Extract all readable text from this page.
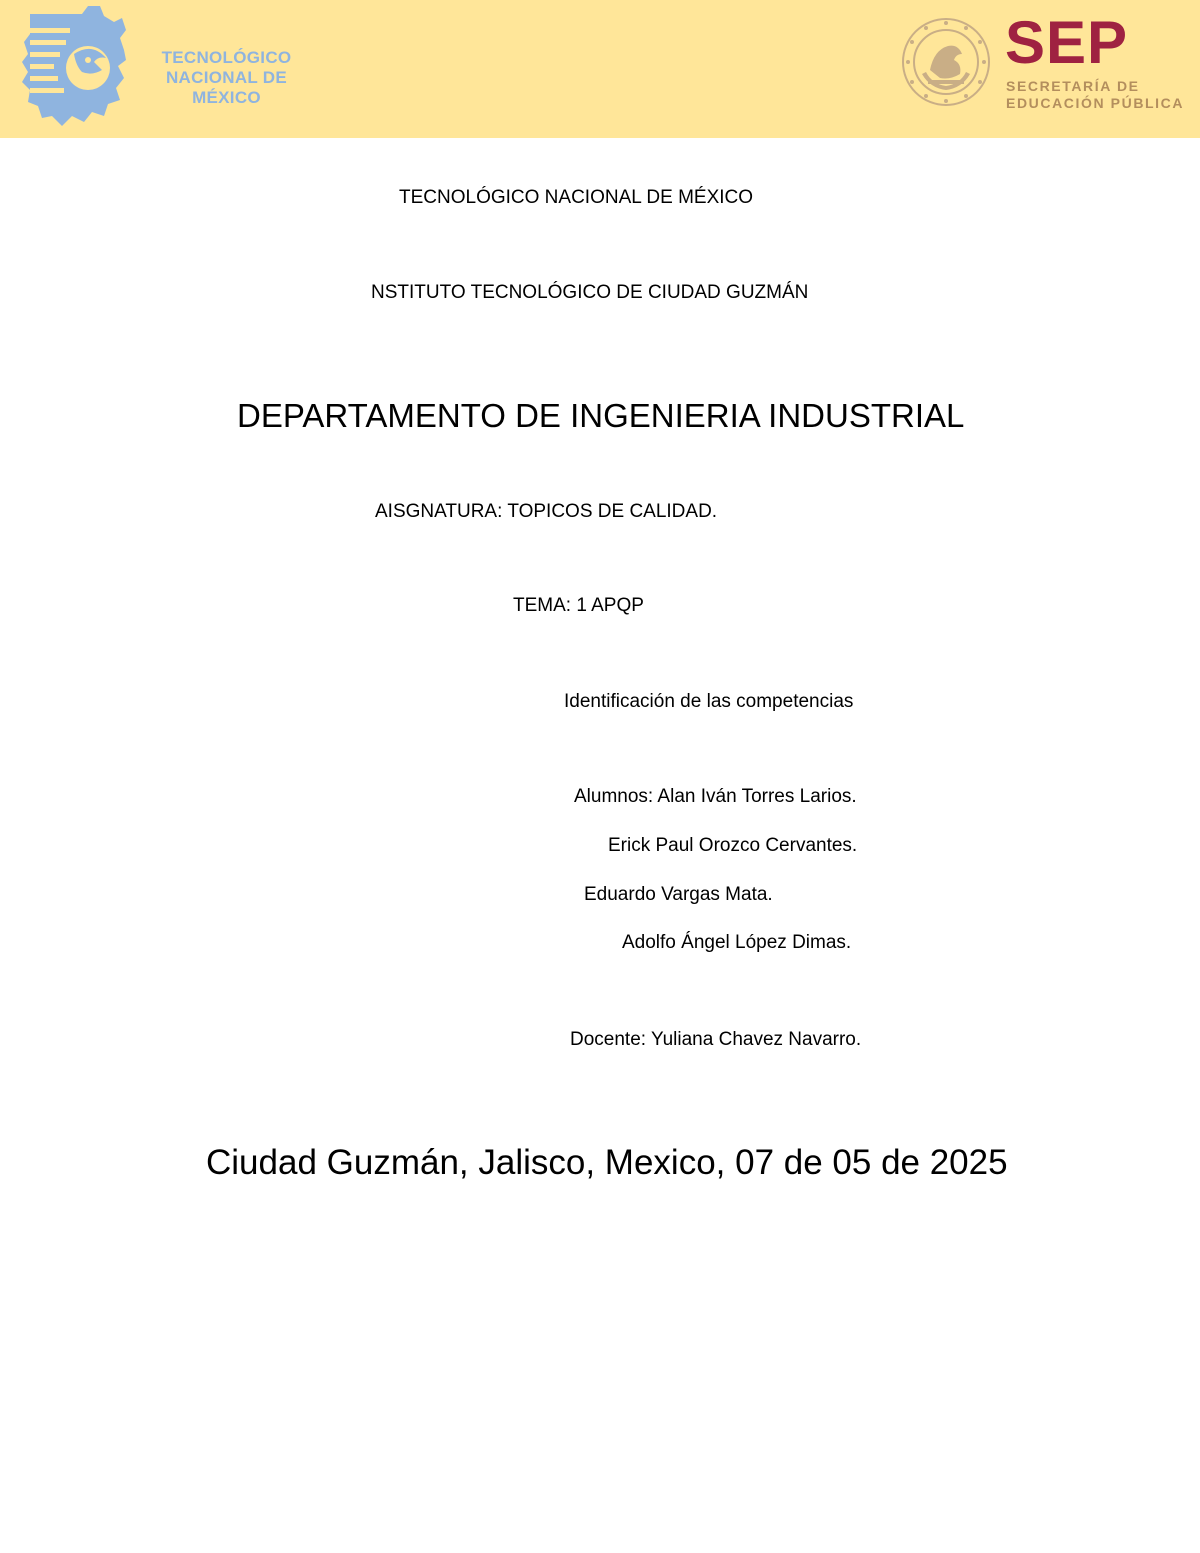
TECNOLÓGICO
NACIONAL DE MÉXICO
SEP
SECRETARÍA DE
EDUCACIÓN PÚBLICA
TECNOLÓGICO NACIONAL DE MÉXICO
NSTITUTO TECNOLÓGICO DE CIUDAD GUZMÁN
DEPARTAMENTO DE INGENIERIA INDUSTRIAL
AISGNATURA: TOPICOS DE CALIDAD.
TEMA: 1 APQP
Identificación de las competencias
Alumnos: Alan Iván Torres Larios.
Erick Paul Orozco Cervantes.
Eduardo Vargas Mata.
Adolfo Ángel López Dimas.
Docente: Yuliana Chavez Navarro.
Ciudad Guzmán, Jalisco, Mexico, 07 de 05 de 2025
